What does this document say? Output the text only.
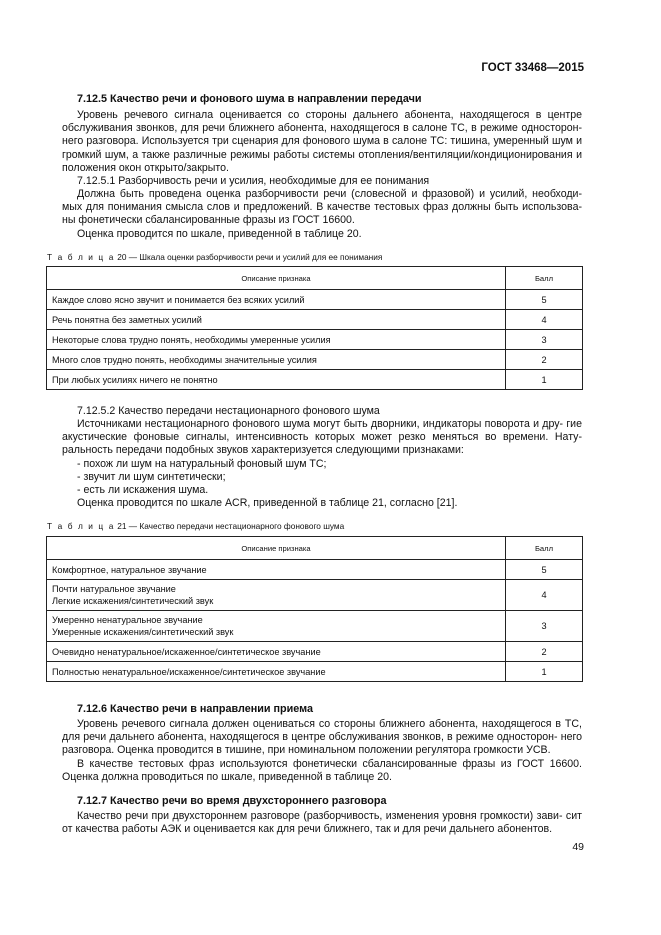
ГОСТ 33468—2015
7.12.5 Качество речи и фонового шума в направлении передачи
Уровень речевого сигнала оценивается со стороны дальнего абонента, находящегося в центре обслуживания звонков, для речи ближнего абонента, находящегося в салоне ТС, в режиме односторон- него разговора. Используется три сценария для фонового шума в салоне ТС: тишина, умеренный шум и громкий шум, а также различные режимы работы системы отопления/вентиляции/кондиционирования и положения окон открыто/закрыто.
7.12.5.1 Разборчивость речи и усилия, необходимые для ее понимания
Должна быть проведена оценка разборчивости речи (словесной и фразовой) и усилий, необходи- мых для понимания смысла слов и предложений. В качестве тестовых фраз должны быть использова- ны фонетически сбалансированные фразы из ГОСТ 16600.
Оценка проводится по шкале, приведенной в таблице 20.
Т а б л и ц а 20 — Шкала оценки разборчивости речи и усилий для ее понимания
Описание признака	Балл
Каждое слово ясно звучит и понимается без всяких усилий	5
Речь понятна без заметных усилий	4
Некоторые слова трудно понять, необходимы умеренные усилия	3
Много слов трудно понять, необходимы значительные усилия	2
При любых усилиях ничего не понятно	1
7.12.5.2 Качество передачи нестационарного фонового шума
Источниками нестационарного фонового шума могут быть дворники, индикаторы поворота и дру- гие акустические фоновые сигналы, интенсивность которых может резко меняться во времени. Нату- ральность передачи подобных звуков характеризуется следующими признаками:
- похож ли шум на натуральный фоновый шум ТС;
- звучит ли шум синтетически;
- есть ли искажения шума.
Оценка проводится по шкале ACR, приведенной в таблице 21, согласно [21].
Т а б л и ц а 21 — Качество передачи нестационарного фонового шума
Описание признака	Балл
Комфортное, натуральное звучание	5
Почти натуральное звучание
Легкие искажения/синтетический звук	4
Умеренно ненатуральное звучание
Умеренные искажения/синтетический звук	3
Очевидно ненатуральное/искаженное/синтетическое звучание	2
Полностью ненатуральное/искаженное/синтетическое звучание	1
7.12.6 Качество речи в направлении приема
Уровень речевого сигнала должен оцениваться со стороны ближнего абонента, находящегося в ТС, для речи дальнего абонента, находящегося в центре обслуживания звонков, в режиме односторон- него разговора. Оценка проводится в тишине, при номинальном положении регулятора громкости УСВ.
В качестве тестовых фраз используются фонетически сбалансированные фразы из ГОСТ 16600. Оценка должна проводиться по шкале, приведенной в таблице 20.
7.12.7 Качество речи во время двухстороннего разговора
Качество речи при двухстороннем разговоре (разборчивость, изменения уровня громкости) зави- сит от качества работы АЭК и оценивается как для речи ближнего, так и для речи дальнего абонентов.
49
